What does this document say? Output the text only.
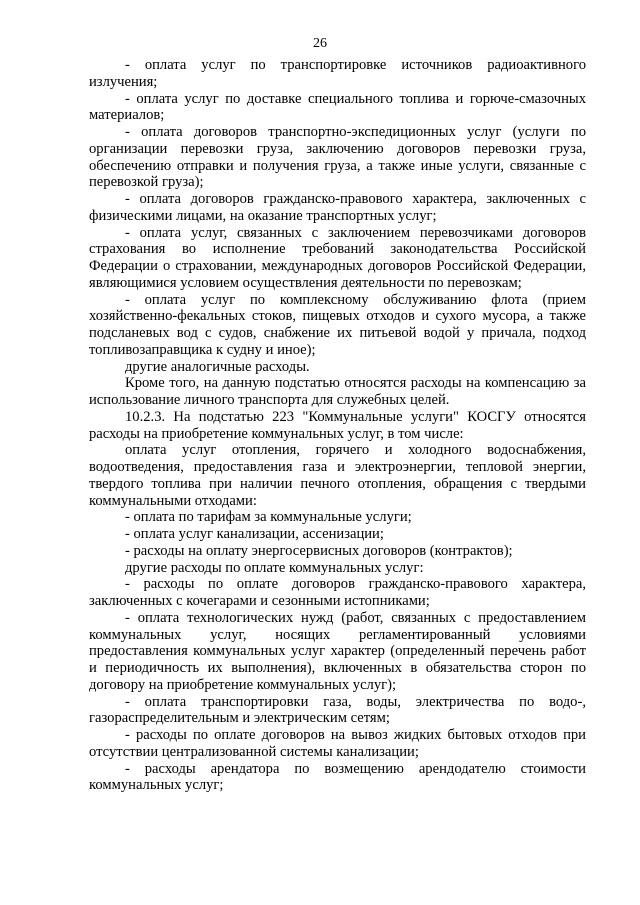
26

- оплата услуг по транспортировке источников радиоактивного излучения;

- оплата услуг по доставке специального топлива и горюче-смазочных материалов;

- оплата договоров транспортно-экспедиционных услуг (услуги по организации перевозки груза, заключению договоров перевозки груза, обеспечению отправки и получения груза, а также иные услуги, связанные с перевозкой груза);

- оплата договоров гражданско-правового характера, заключенных с физическими лицами, на оказание транспортных услуг;

- оплата услуг, связанных с заключением перевозчиками договоров страхования во исполнение требований законодательства Российской Федерации о страховании, международных договоров Российской Федерации, являющимися условием осуществления деятельности по перевозкам;

- оплата услуг по комплексному обслуживанию флота (прием хозяйственно-фекальных стоков, пищевых отходов и сухого мусора, а также подсланевых вод с судов, снабжение их питьевой водой у причала, подход топливозаправщика к судну и иное);

другие аналогичные расходы.

Кроме того, на данную подстатью относятся расходы на компенсацию за использование личного транспорта для служебных целей.

10.2.3. На подстатью 223 "Коммунальные услуги" КОСГУ относятся расходы на приобретение коммунальных услуг, в том числе:

оплата услуг отопления, горячего и холодного водоснабжения, водоотведения, предоставления газа и электроэнергии, тепловой энергии, твердого топлива при наличии печного отопления, обращения с твердыми коммунальными отходами:

- оплата по тарифам за коммунальные услуги;

- оплата услуг канализации, ассенизации;

- расходы на оплату энергосервисных договоров (контрактов);

другие расходы по оплате коммунальных услуг:

- расходы по оплате договоров гражданско-правового характера, заключенных с кочегарами и сезонными истопниками;

- оплата технологических нужд (работ, связанных с предоставлением коммунальных услуг, носящих регламентированный условиями предоставления коммунальных услуг характер (определенный перечень работ и периодичность их выполнения), включенных в обязательства сторон по договору на приобретение коммунальных услуг);

- оплата транспортировки газа, воды, электричества по водо-, газораспределительным и электрическим сетям;

- расходы по оплате договоров на вывоз жидких бытовых отходов при отсутствии централизованной системы канализации;

- расходы арендатора по возмещению арендодателю стоимости коммунальных услуг;
